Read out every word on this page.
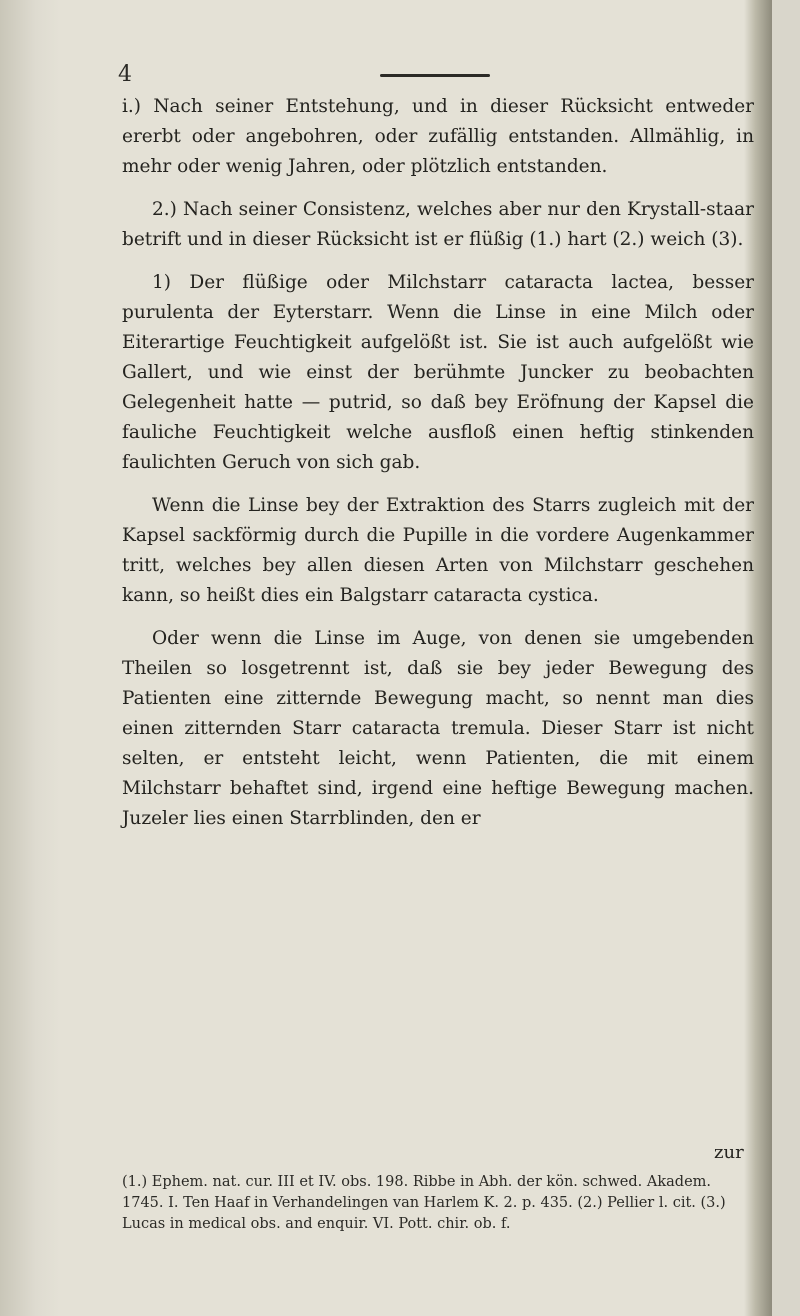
4

i.) Nach seiner Entstehung, und in dieser Rücksicht entweder ererbt oder angebohren, oder zufällig entstanden. Allmählig, in mehr oder wenig Jahren, oder plötzlich entstanden.

2.) Nach seiner Consistenz, welches aber nur den Krystall-staar betrift und in dieser Rücksicht ist er flüßig (1.) hart (2.) weich (3).

1) Der flüßige oder Milchstarr cataracta lactea, besser purulenta der Eyterstarr. Wenn die Linse in eine Milch oder Eiterartige Feuchtigkeit aufgelößt ist. Sie ist auch aufgelößt wie Gallert, und wie einst der berühmte Juncker zu beobachten Gelegenheit hatte — putrid, so daß bey Eröfnung der Kapsel die fauliche Feuchtigkeit welche ausfloß einen heftig stinkenden faulichten Geruch von sich gab.

Wenn die Linse bey der Extraktion des Starrs zugleich mit der Kapsel sackförmig durch die Pupille in die vordere Augenkammer tritt, welches bey allen diesen Arten von Milchstarr geschehen kann, so heißt dies ein Balgstarr cataracta cystica.

Oder wenn die Linse im Auge, von denen sie umgebenden Theilen so losgetrennt ist, daß sie bey jeder Bewegung des Patienten eine zitternde Bewegung macht, so nennt man dies einen zitternden Starr cataracta tremula. Dieser Starr ist nicht selten, er entsteht leicht, wenn Patienten, die mit einem Milchstarr behaftet sind, irgend eine heftige Bewegung machen. Juzeler lies einen Starrblinden, den er

zur

(1.) Ephem. nat. cur. III et IV. obs. 198. Ribbe in Abh. der kön. schwed. Akadem. 1745. I. Ten Haaf in Verhandelingen van Harlem K. 2. p. 435. (2.) Pellier l. cit. (3.) Lucas in medical obs. and enquir. VI. Pott. chir. ob. f.
